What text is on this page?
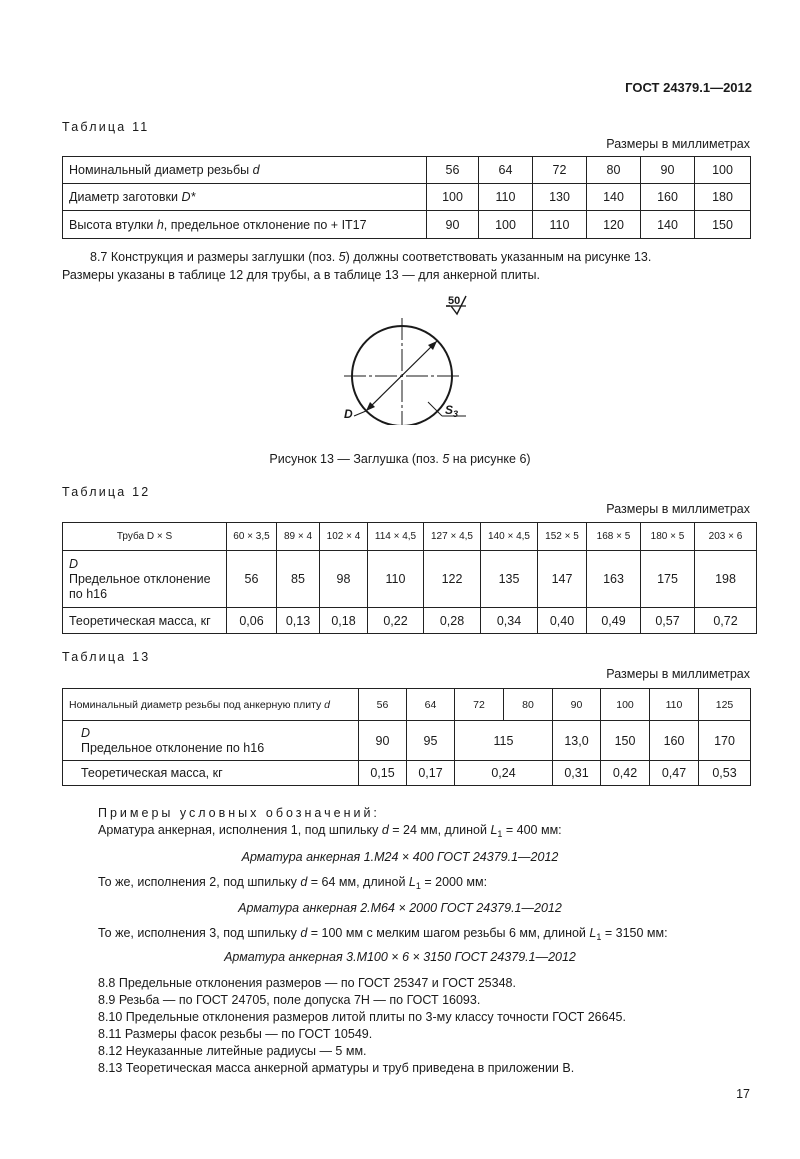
ГОСТ 24379.1—2012
Таблица 11
Размеры в миллиметрах
Номинальный диаметр резьбы d	56	64	72	80	90	100
Диаметр заготовки D*	100	110	130	140	160	180
Высота втулки h, предельное отклонение по + IT17	90	100	110	120	140	150
8.7 Конструкция и размеры заглушки (поз. 5) должны соответствовать указанным на рисунке 13.
Размеры указаны в таблице 12 для трубы, а в таблице 13 — для анкерной плиты.
50
D	$S_3$
Рисунок 13 — Заглушка (поз. 5 на рисунке 6)
Таблица 12
Размеры в миллиметрах
Труба D × S	60 × 3,5	89 × 4	102 × 4	114 × 4,5	127 × 4,5	140 × 4,5	152 × 5	168 × 5	180 × 5	203 × 6
D
Предельное отклонение по h16	56	85	98	110	122	135	147	163	175	198
Теоретическая масса, кг	0,06	0,13	0,18	0,22	0,28	0,34	0,40	0,49	0,57	0,72
Таблица 13
Размеры в миллиметрах
Номинальный диаметр резьбы под анкерную плиту d	56	64	72	80	90	100	110	125
D
Предельное отклонение по h16	90	95	115		13,0	150	160	170
Теоретическая масса, кг	0,15	0,17	0,24		0,31	0,42	0,47	0,53
Примеры условных обозначений:
Арматура анкерная, исполнения 1, под шпильку d = 24 мм, длиной $L_1 = 400$ мм:
Арматура анкерная 1.М24 × 400 ГОСТ 24379.1—2012
То же, исполнения 2, под шпильку d = 64 мм, длиной $L_1 = 2000$ мм:
Арматура анкерная 2.М64 × 2000 ГОСТ 24379.1—2012
То же, исполнения 3, под шпильку d = 100 мм с мелким шагом резьбы 6 мм, длиной $L_1 = 3150$ мм:
Арматура анкерная 3.М100 × 6 × 3150 ГОСТ 24379.1—2012
8.8 Предельные отклонения размеров — по ГОСТ 25347 и ГОСТ 25348.
8.9 Резьба — по ГОСТ 24705, поле допуска 7Н — по ГОСТ 16093.
8.10 Предельные отклонения размеров литой плиты по 3-му классу точности ГОСТ 26645.
8.11 Размеры фасок резьбы — по ГОСТ 10549.
8.12 Неуказанные литейные радиусы — 5 мм.
8.13 Теоретическая масса анкерной арматуры и труб приведена в приложении В.
17
